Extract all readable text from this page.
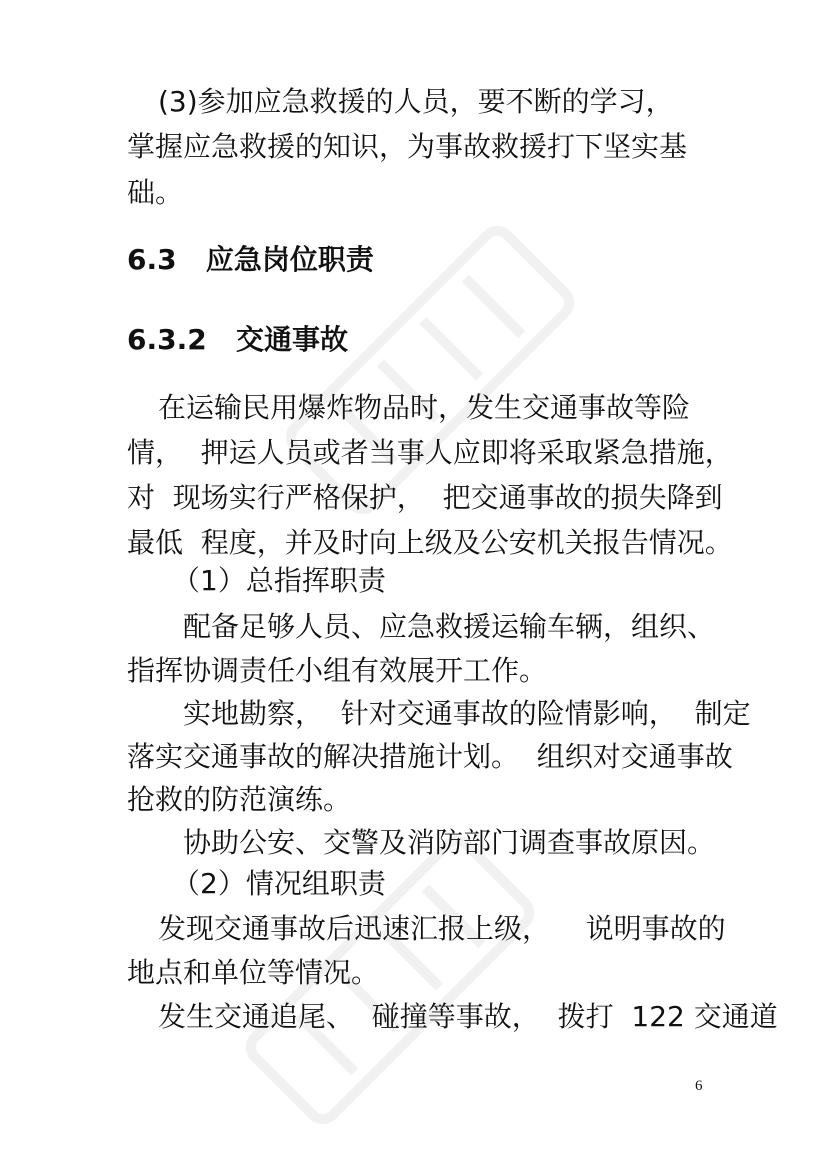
(3)参加应急救援的人员，要不断的学习，
掌握应急救援的知识，为事故救援打下坚实基
础。
6.3   应急岗位职责
6.3.2   交通事故
在运输民用爆炸物品时，发生交通事故等险
情，  押运人员或者当事人应即将采取紧急措施，
对  现场实行严格保护，  把交通事故的损失降到
最低  程度，并及时向上级及公安机关报告情况。
（1）总指挥职责
配备足够人员、应急救援运输车辆，组织、
指挥协调责任小组有效展开工作。
实地勘察，  针对交通事故的险情影响，  制定
落实交通事故的解决措施计划。  组织对交通事故
抢救的防范演练。
协助公安、交警及消防部门调查事故原因。
（2）情况组职责
发现交通事故后迅速汇报上级，    说明事故的
地点和单位等情况。
发生交通追尾、  碰撞等事故，  拨打  122 交通道
6
